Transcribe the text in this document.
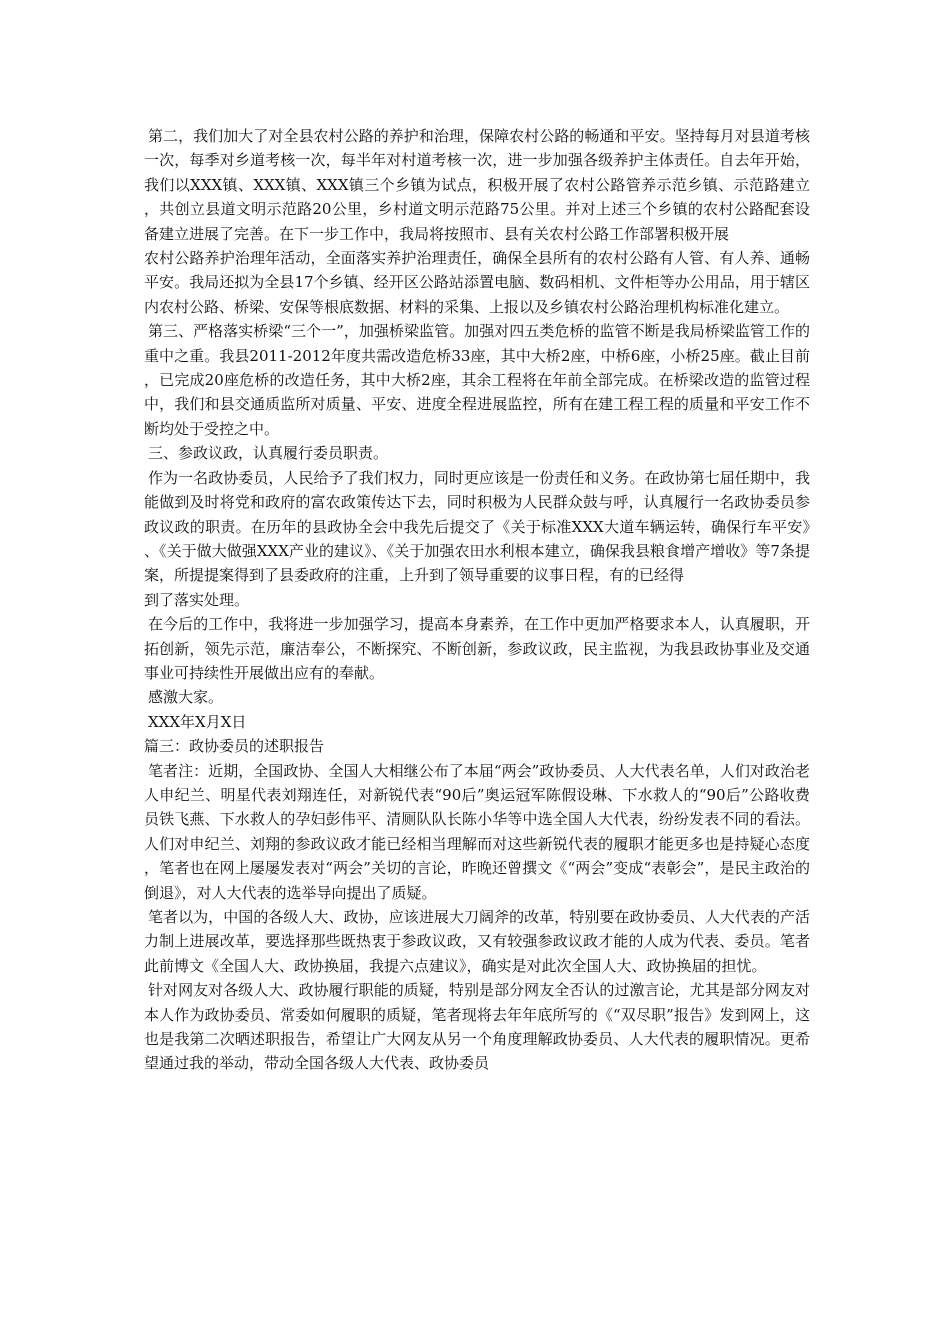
第二，我们加大了对全县农村公路的养护和治理，保障农村公路的畅通和平安。坚持每月对县道考核一次，每季对乡道考核一次，每半年对村道考核一次，进一步加强各级养护主体责任。自去年开始，我们以XXX镇、XXX镇、XXX镇三个乡镇为试点，积极开展了农村公路管养示范乡镇、示范路建立，共创立县道文明示范路20公里，乡村道文明示范路75公里。并对上述三个乡镇的农村公路配套设备建立进展了完善。在下一步工作中，我局将按照市、县有关农村公路工作部署积极开展

农村公路养护治理年活动，全面落实养护治理责任，确保全县所有的农村公路有人管、有人养、通畅平安。我局还拟为全县17个乡镇、经开区公路站添置电脑、数码相机、文件柜等办公用品，用于辖区内农村公路、桥梁、安保等根底数据、材料的采集、上报以及乡镇农村公路治理机构标准化建立。

第三、严格落实桥梁“三个一”，加强桥梁监管。加强对四五类危桥的监管不断是我局桥梁监管工作的重中之重。我县2011-2012年度共需改造危桥33座，其中大桥2座，中桥6座，小桥25座。截止目前，已完成20座危桥的改造任务，其中大桥2座，其余工程将在年前全部完成。在桥梁改造的监管过程中，我们和县交通质监所对质量、平安、进度全程进展监控，所有在建工程工程的质量和平安工作不断均处于受控之中。

三、参政议政，认真履行委员职责。

作为一名政协委员，人民给予了我们权力，同时更应该是一份责任和义务。在政协第七届任期中，我能做到及时将党和政府的富农政策传达下去，同时积极为人民群众鼓与呼，认真履行一名政协委员参政议政的职责。在历年的县政协全会中我先后提交了《关于标准XXX大道车辆运转，确保行车平安》、《关于做大做强XXX产业的建议》、《关于加强农田水利根本建立，确保我县粮食增产增收》等7条提案，所提提案得到了县委政府的注重，上升到了领导重要的议事日程，有的已经得

到了落实处理。

在今后的工作中，我将进一步加强学习，提高本身素养，在工作中更加严格要求本人，认真履职，开拓创新，领先示范，廉洁奉公，不断探究、不断创新，参政议政，民主监视，为我县政协事业及交通事业可持续性开展做出应有的奉献。

感激大家。

XXX年X月X日

篇三：政协委员的述职报告

笔者注：近期，全国政协、全国人大相继公布了本届“两会”政协委员、人大代表名单，人们对政治老人申纪兰、明星代表刘翔连任，对新锐代表“90后”奥运冠军陈假设琳、下水救人的“90后”公路收费员铁飞燕、下水救人的孕妇彭伟平、清厕队队长陈小华等中选全国人大代表，纷纷发表不同的看法。人们对申纪兰、刘翔的参政议政才能已经相当理解而对这些新锐代表的履职才能更多也是持疑心态度，笔者也在网上屡屡发表对“两会”关切的言论，昨晚还曾撰文《“两会”变成“表彰会”，是民主政治的倒退》，对人大代表的选举导向提出了质疑。

笔者以为，中国的各级人大、政协，应该进展大刀阔斧的改革，特别要在政协委员、人大代表的产活力制上进展改革，要选择那些既热衷于参政议政，又有较强参政议政才能的人成为代表、委员。笔者此前博文《全国人大、政协换届，我提六点建议》，确实是对此次全国人大、政协换届的担忧。

针对网友对各级人大、政协履行职能的质疑，特别是部分网友全否认的过激言论，尤其是部分网友对本人作为政协委员、常委如何履职的质疑，笔者现将去年年底所写的《“双尽职”报告》发到网上，这也是我第二次晒述职报告，希望让广大网友从另一个角度理解政协委员、人大代表的履职情况。更希望通过我的举动，带动全国各级人大代表、政协委员
